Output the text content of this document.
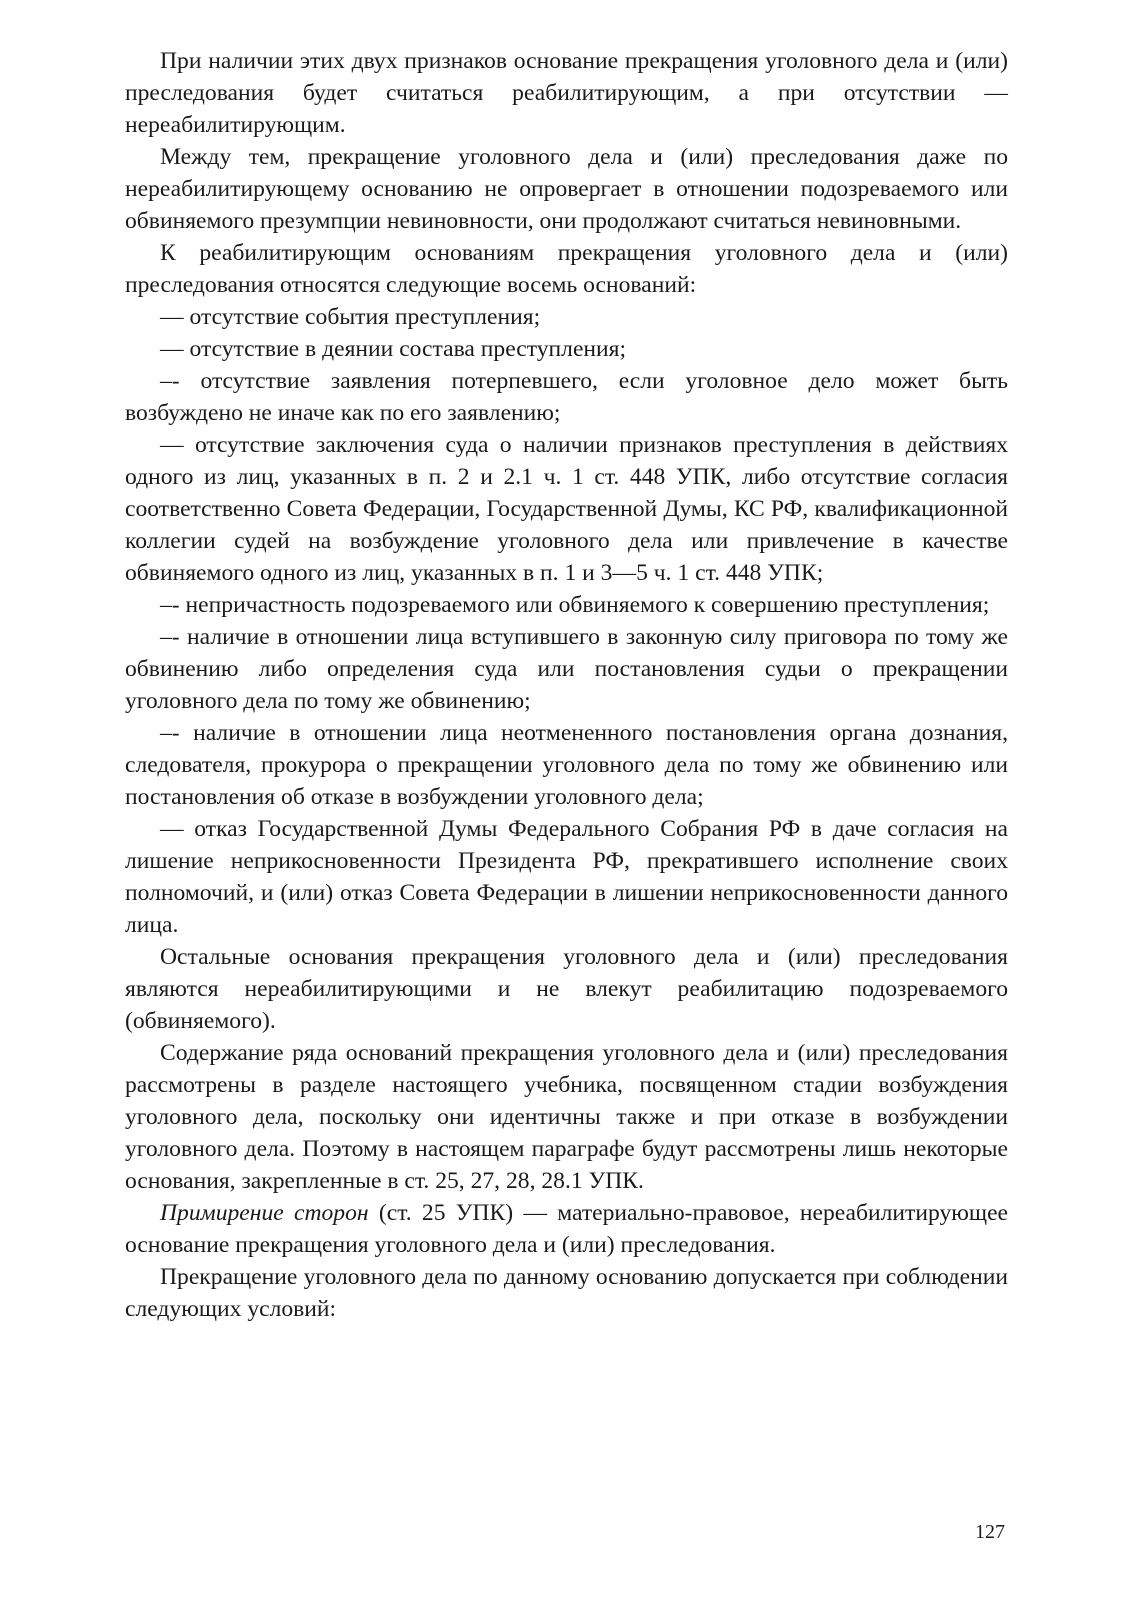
При наличии этих двух признаков основание прекращения уголовного дела и (или) преследования будет считаться реабилитирующим, а при отсутствии — нереабилитирующим.

Между тем, прекращение уголовного дела и (или) преследования даже по нереабилитирующему основанию не опровергает в отношении подозреваемого или обвиняемого презумпции невиновности, они продолжают считаться невиновными.

К реабилитирующим основаниям прекращения уголовного дела и (или) преследования относятся следующие восемь оснований:

— отсутствие события преступления;

— отсутствие в деянии состава преступления;

–- отсутствие заявления потерпевшего, если уголовное дело может быть возбуждено не иначе как по его заявлению;

— отсутствие заключения суда о наличии признаков преступления в действиях одного из лиц, указанных в п. 2 и 2.1 ч. 1 ст. 448 УПК, либо отсутствие согласия соответственно Совета Федерации, Государственной Думы, КС РФ, квалификационной коллегии судей на возбуждение уголовного дела или привлечение в качестве обвиняемого одного из лиц, указанных в п. 1 и 3—5 ч. 1 ст. 448 УПК;

–- непричастность подозреваемого или обвиняемого к совершению преступления;

–- наличие в отношении лица вступившего в законную силу приговора по тому же обвинению либо определения суда или постановления судьи о прекращении уголовного дела по тому же обвинению;

–- наличие в отношении лица неотмененного постановления органа дознания, следователя, прокурора о прекращении уголовного дела по тому же обвинению или постановления об отказе в возбуждении уголовного дела;

— отказ Государственной Думы Федерального Собрания РФ в даче согласия на лишение неприкосновенности Президента РФ, прекратившего исполнение своих полномочий, и (или) отказ Совета Федерации в лишении неприкосновенности данного лица.

Остальные основания прекращения уголовного дела и (или) преследования являются нереабилитирующими и не влекут реабилитацию подозреваемого (обвиняемого).

Содержание ряда оснований прекращения уголовного дела и (или) преследования рассмотрены в разделе настоящего учебника, посвященном стадии возбуждения уголовного дела, поскольку они идентичны также и при отказе в возбуждении уголовного дела. Поэтому в настоящем параграфе будут рассмотрены лишь некоторые основания, закрепленные в ст. 25, 27, 28, 28.1 УПК.

Примирение сторон (ст. 25 УПК) — материально-правовое, нереабилитирующее основание прекращения уголовного дела и (или) преследования.

Прекращение уголовного дела по данному основанию допускается при соблюдении следующих условий:

127
